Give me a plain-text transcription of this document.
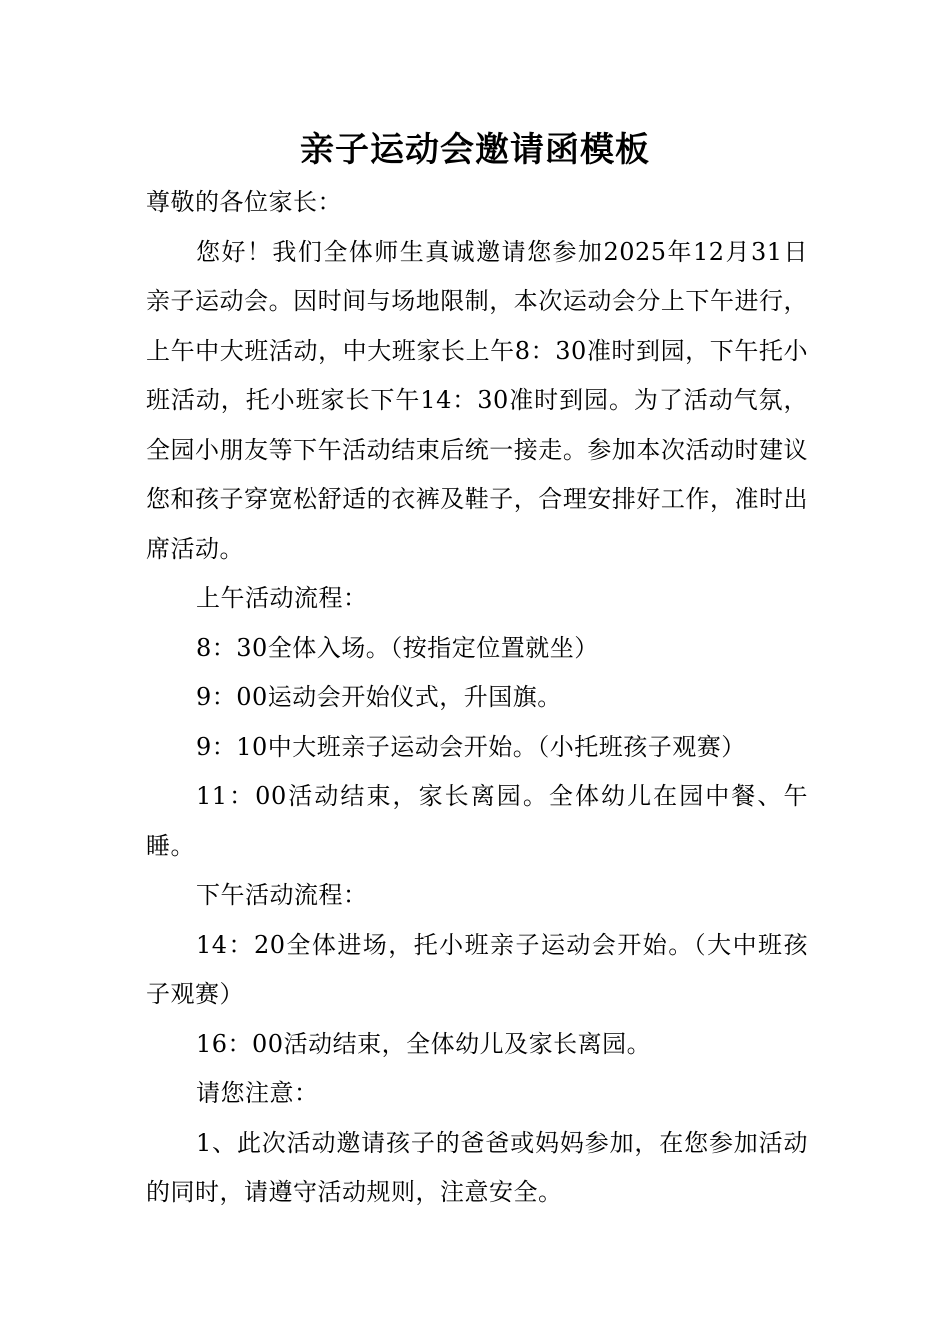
亲子运动会邀请函模板

尊敬的各位家长：

您好！我们全体师生真诚邀请您参加2025年12月31日亲子运动会。因时间与场地限制，本次运动会分上下午进行，上午中大班活动，中大班家长上午8：30准时到园，下午托小班活动，托小班家长下午14：30准时到园。为了活动气氛，全园小朋友等下午活动结束后统一接走。参加本次活动时建议您和孩子穿宽松舒适的衣裤及鞋子，合理安排好工作，准时出席活动。

上午活动流程：

8：30全体入场。（按指定位置就坐）

9：00运动会开始仪式，升国旗。

9：10中大班亲子运动会开始。（小托班孩子观赛）

11：00活动结束，家长离园。全体幼儿在园中餐、午睡。

下午活动流程：

14：20全体进场，托小班亲子运动会开始。（大中班孩子观赛）

16：00活动结束，全体幼儿及家长离园。

请您注意：

1、此次活动邀请孩子的爸爸或妈妈参加，在您参加活动的同时，请遵守活动规则，注意安全。
